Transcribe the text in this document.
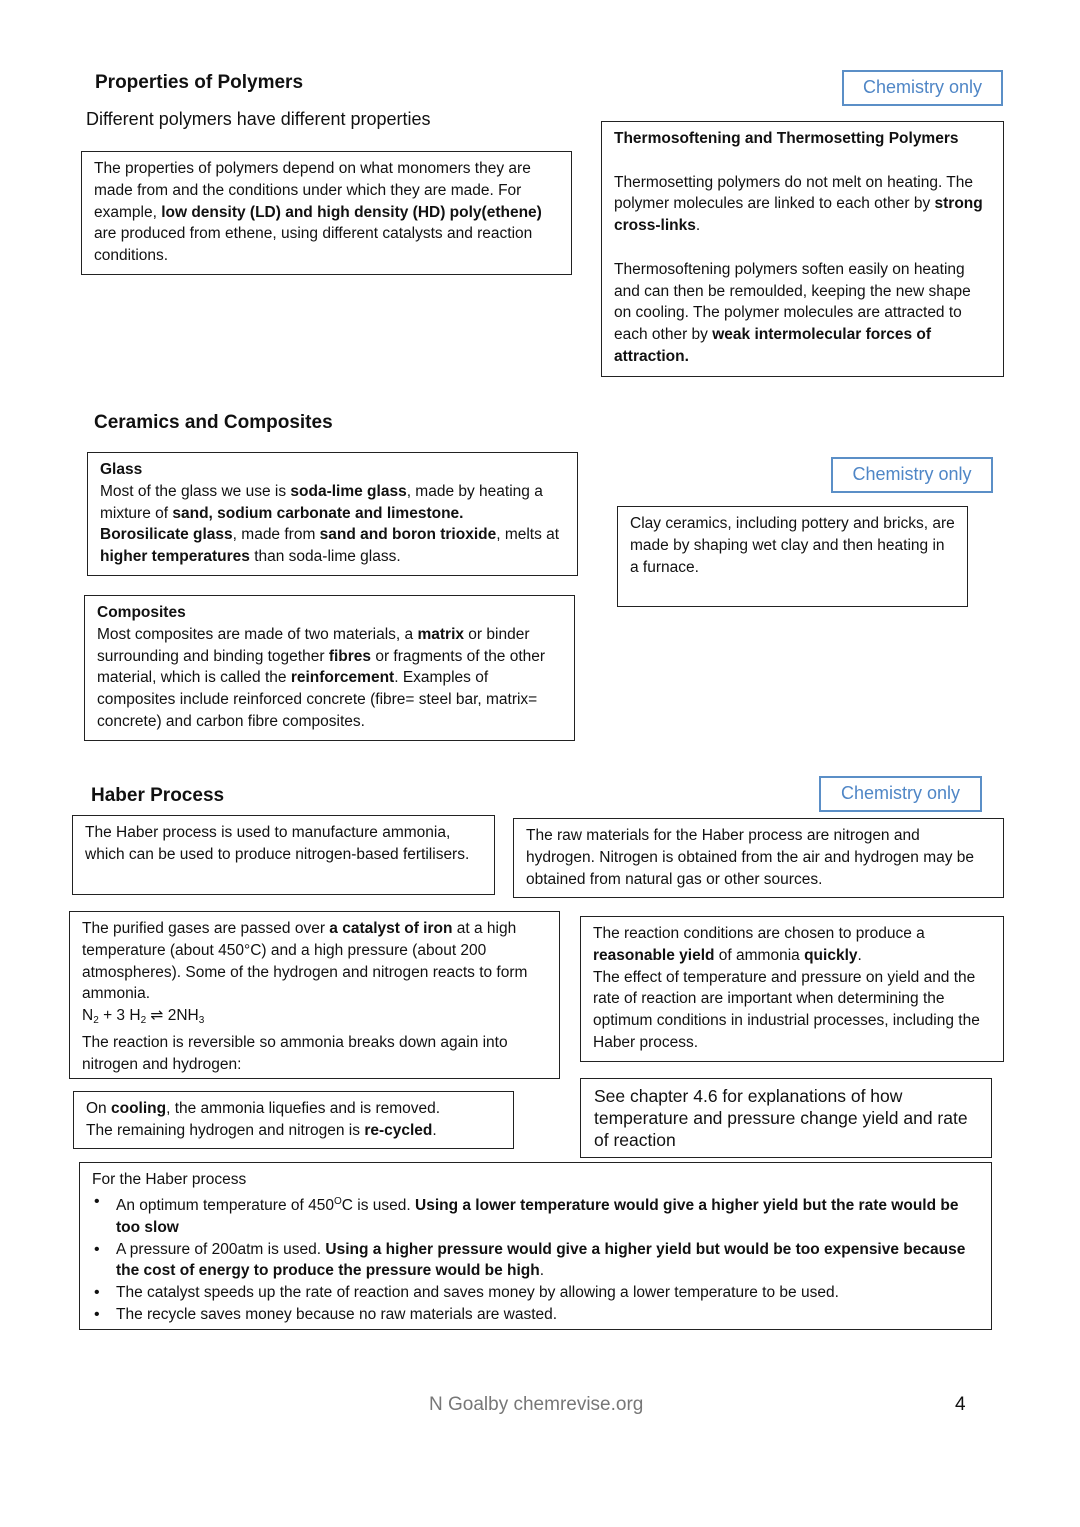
Properties of Polymers
Different polymers have different properties
Chemistry only
The properties of polymers depend on what monomers they are made from and the conditions under which they are made. For example, low density (LD) and high density (HD) poly(ethene) are produced from ethene, using different catalysts and reaction conditions.
Thermosoftening and Thermosetting Polymers
Thermosetting polymers do not melt on heating. The polymer molecules are linked to each other by strong cross-links.
Thermosoftening polymers soften easily on heating and can then be remoulded, keeping the new shape on cooling. The polymer molecules are attracted to each other by weak intermolecular forces of attraction.
Ceramics and Composites
Chemistry only
Glass
Most of the glass we use is soda-lime glass, made by heating a mixture of sand, sodium carbonate and limestone.
Borosilicate glass, made from sand and boron trioxide, melts at higher temperatures than soda-lime glass.
Clay ceramics, including pottery and bricks, are made by shaping wet clay and then heating in a furnace.
Composites
Most composites are made of two materials, a matrix or binder surrounding and binding together fibres or fragments of the other material, which is called the reinforcement. Examples of composites include reinforced concrete (fibre= steel bar, matrix= concrete) and carbon fibre composites.
Haber Process	Chemistry only
The Haber process is used to manufacture ammonia, which can be used to produce nitrogen-based fertilisers.
The raw materials for the Haber process are nitrogen and hydrogen. Nitrogen is obtained from the air and hydrogen may be obtained from natural gas or other sources.
The purified gases are passed over a catalyst of iron at a high temperature (about 450°C) and a high pressure (about 200 atmospheres). Some of the hydrogen and nitrogen reacts to form ammonia.
$N_2 + 3$ $H_2$ ⇌ $2NH_3$
The reaction is reversible so ammonia breaks down again into nitrogen and hydrogen:
The reaction conditions are chosen to produce a reasonable yield of ammonia quickly.
The effect of temperature and pressure on yield and the rate of reaction are important when determining the optimum conditions in industrial processes, including the Haber process.
On cooling, the ammonia liquefies and is removed.
The remaining hydrogen and nitrogen is re-cycled.
See chapter 4.6 for explanations of how temperature and pressure change yield and rate of reaction
For the Haber process
• An optimum temperature of $450^OC$ is used. Using a lower temperature would give a higher yield but the rate would be too slow
• A pressure of 200atm is used. Using a higher pressure would give a higher yield but would be too expensive because the cost of energy to produce the pressure would be high.
• The catalyst speeds up the rate of reaction and saves money by allowing a lower temperature to be used.
• The recycle saves money because no raw materials are wasted.
N Goalby chemrevise.org	4
